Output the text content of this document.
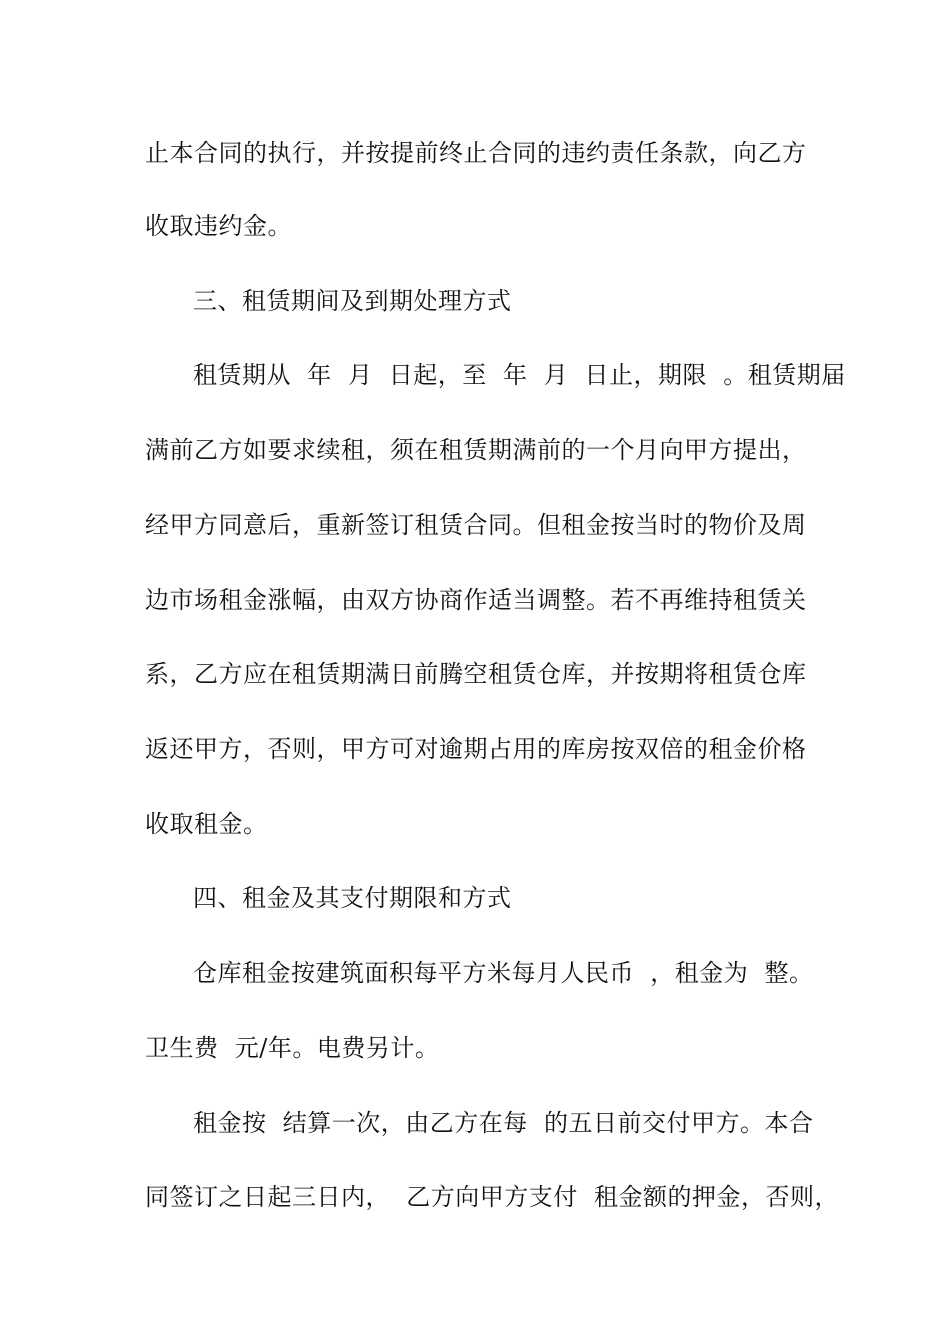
止本合同的执行，并按提前终止合同的违约责任条款，向乙方
收取违约金。
三、租赁期间及到期处理方式
租赁期从  年  月  日起，至  年  月  日止，期限  。租赁期届
满前乙方如要求续租，须在租赁期满前的一个月向甲方提出，
经甲方同意后，重新签订租赁合同。但租金按当时的物价及周
边市场租金涨幅，由双方协商作适当调整。若不再维持租赁关
系，乙方应在租赁期满日前腾空租赁仓库，并按期将租赁仓库
返还甲方，否则，甲方可对逾期占用的库房按双倍的租金价格
收取租金。
四、租金及其支付期限和方式
仓库租金按建筑面积每平方米每月人民币  ，租金为  整。
卫生费  元/年。电费另计。
租金按  结算一次，由乙方在每  的五日前交付甲方。本合
同签订之日起三日内，  乙方向甲方支付  租金额的押金，否则，
